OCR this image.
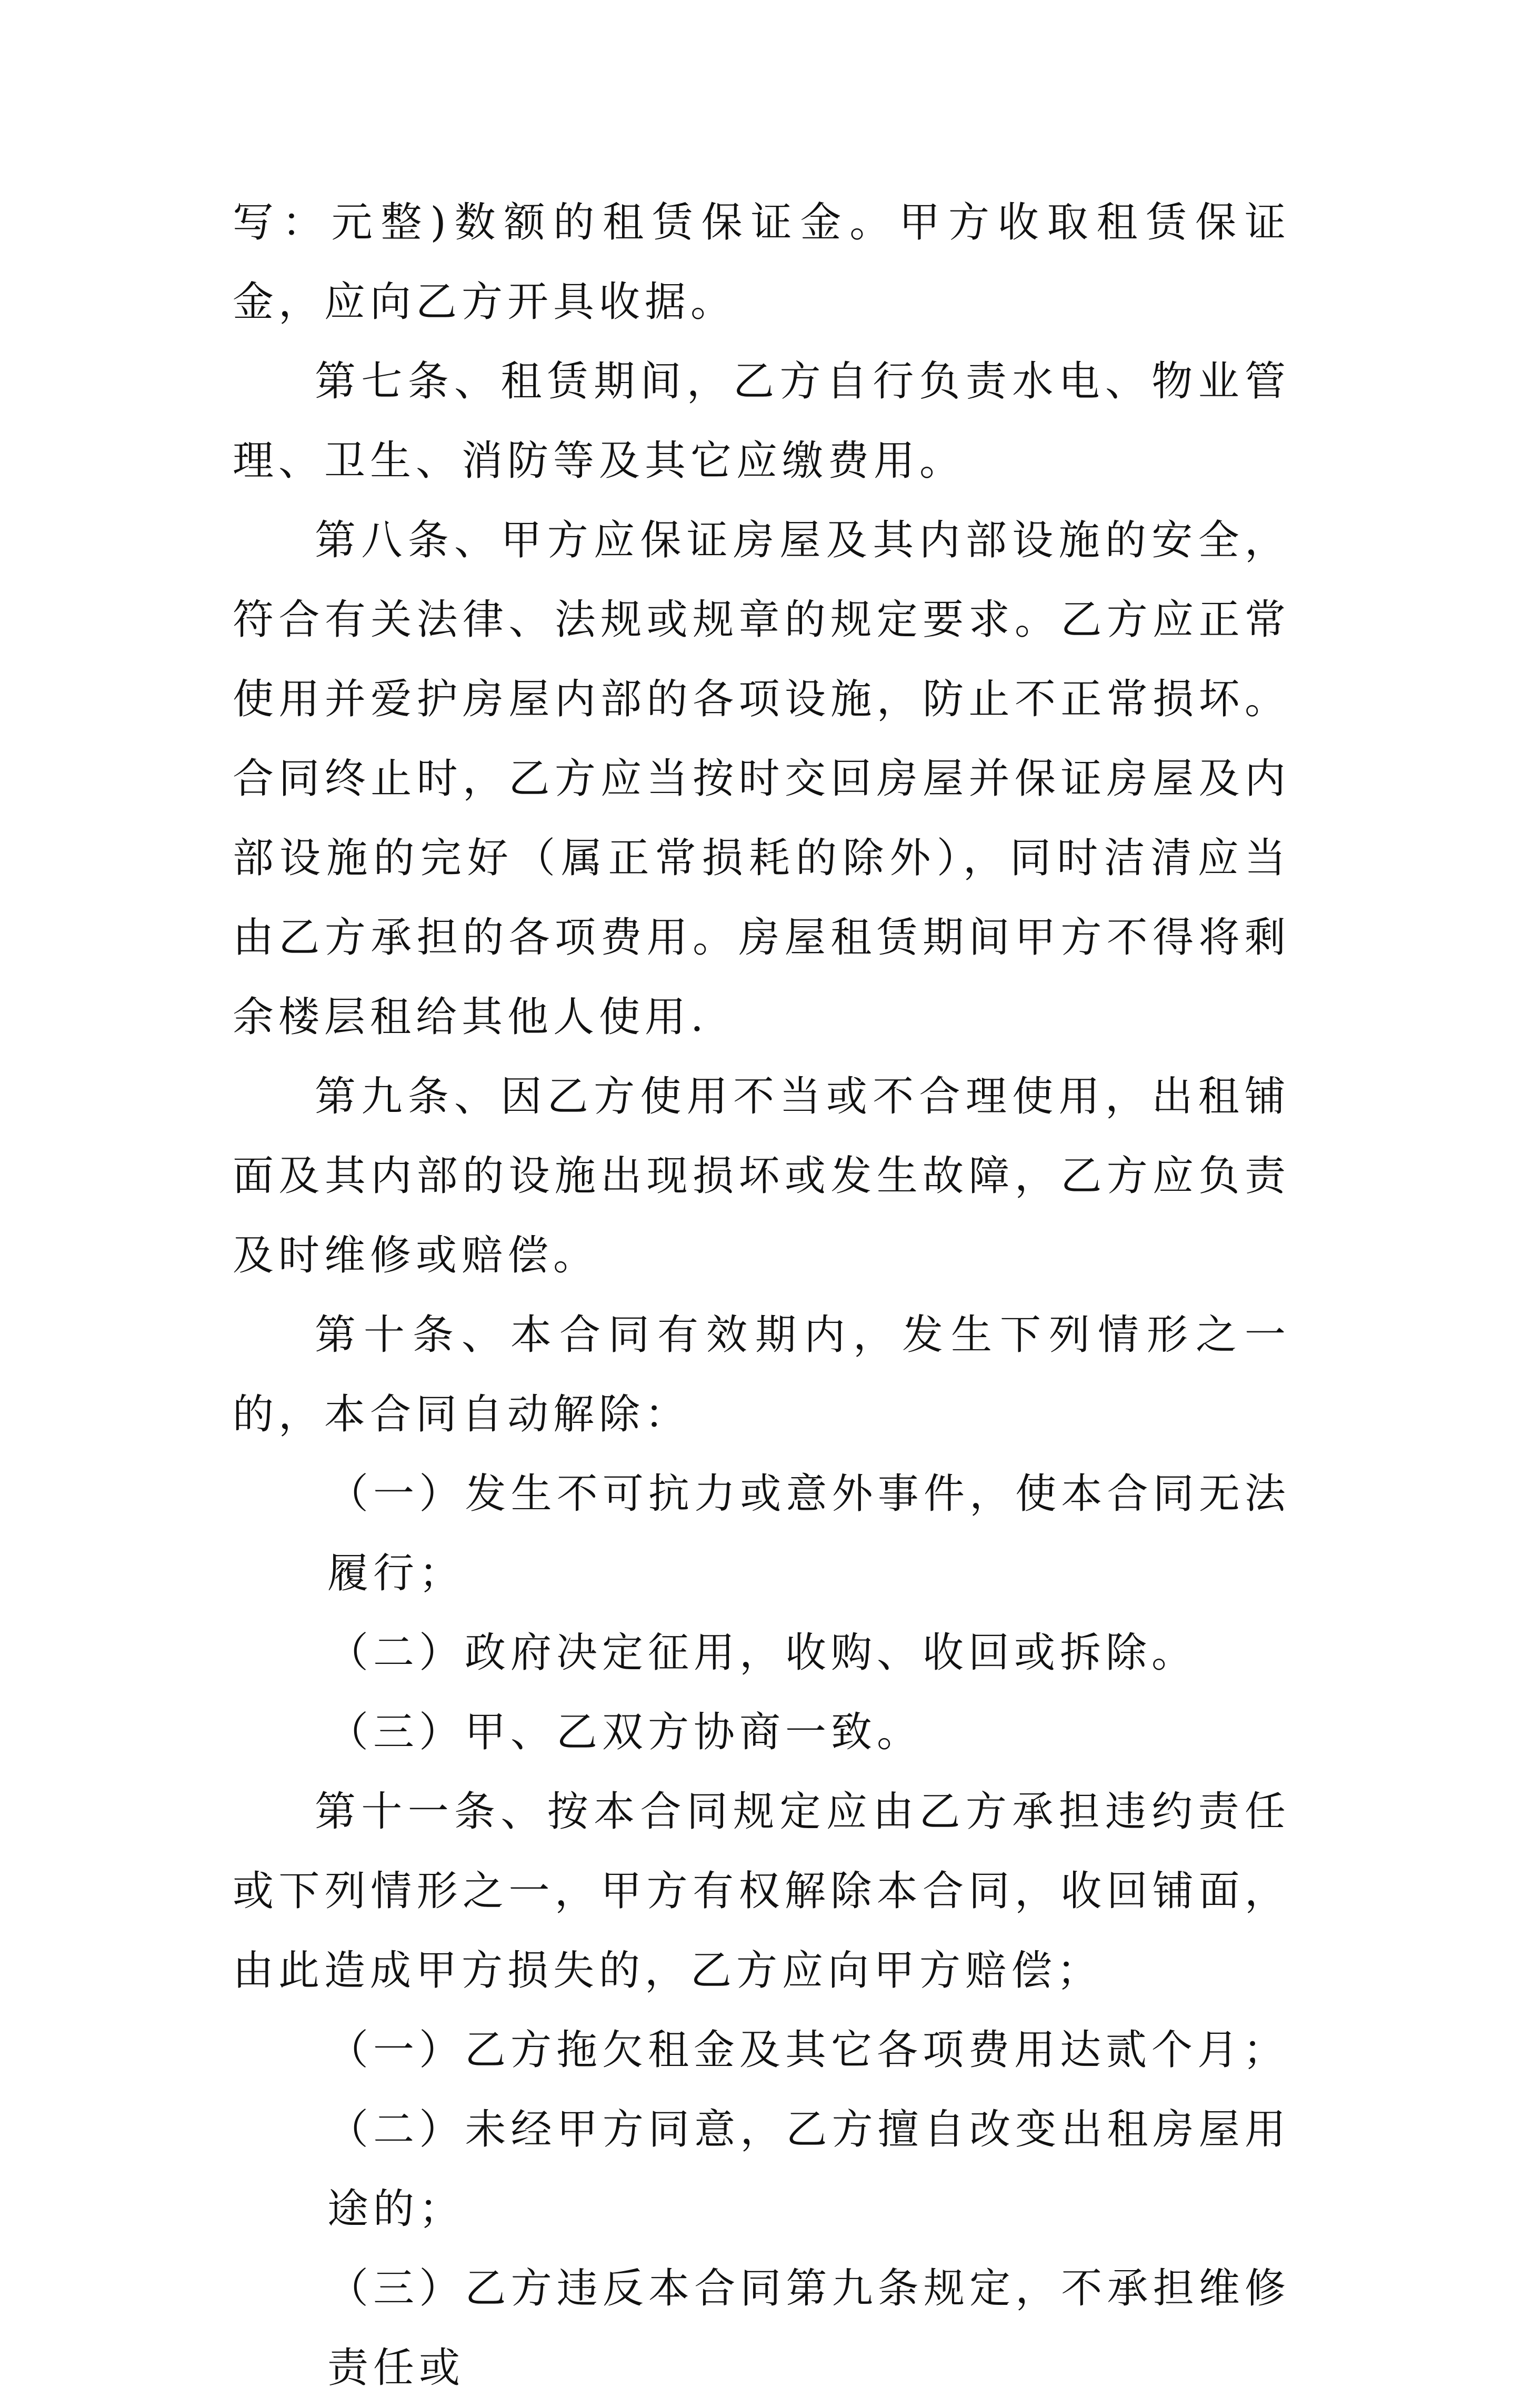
写：元整)数额的租赁保证金。甲方收取租赁保证金，应向乙方开具收据。

第七条、租赁期间，乙方自行负责水电、物业管理、卫生、消防等及其它应缴费用。

第八条、甲方应保证房屋及其内部设施的安全，符合有关法律、法规或规章的规定要求。乙方应正常使用并爱护房屋内部的各项设施，防止不正常损坏。合同终止时，乙方应当按时交回房屋并保证房屋及内部设施的完好（属正常损耗的除外），同时洁清应当由乙方承担的各项费用。房屋租赁期间甲方不得将剩余楼层租给其他人使用.

第九条、因乙方使用不当或不合理使用，出租铺面及其内部的设施出现损坏或发生故障，乙方应负责及时维修或赔偿。

第十条、本合同有效期内，发生下列情形之一的，本合同自动解除：

（一）发生不可抗力或意外事件，使本合同无法履行；

（二）政府决定征用，收购、收回或拆除。

（三）甲、乙双方协商一致。

第十一条、按本合同规定应由乙方承担违约责任或下列情形之一，甲方有权解除本合同，收回铺面，由此造成甲方损失的，乙方应向甲方赔偿；

（一）乙方拖欠租金及其它各项费用达贰个月；

（二）未经甲方同意，乙方擅自改变出租房屋用途的；

（三）乙方违反本合同第九条规定，不承担维修责任或
